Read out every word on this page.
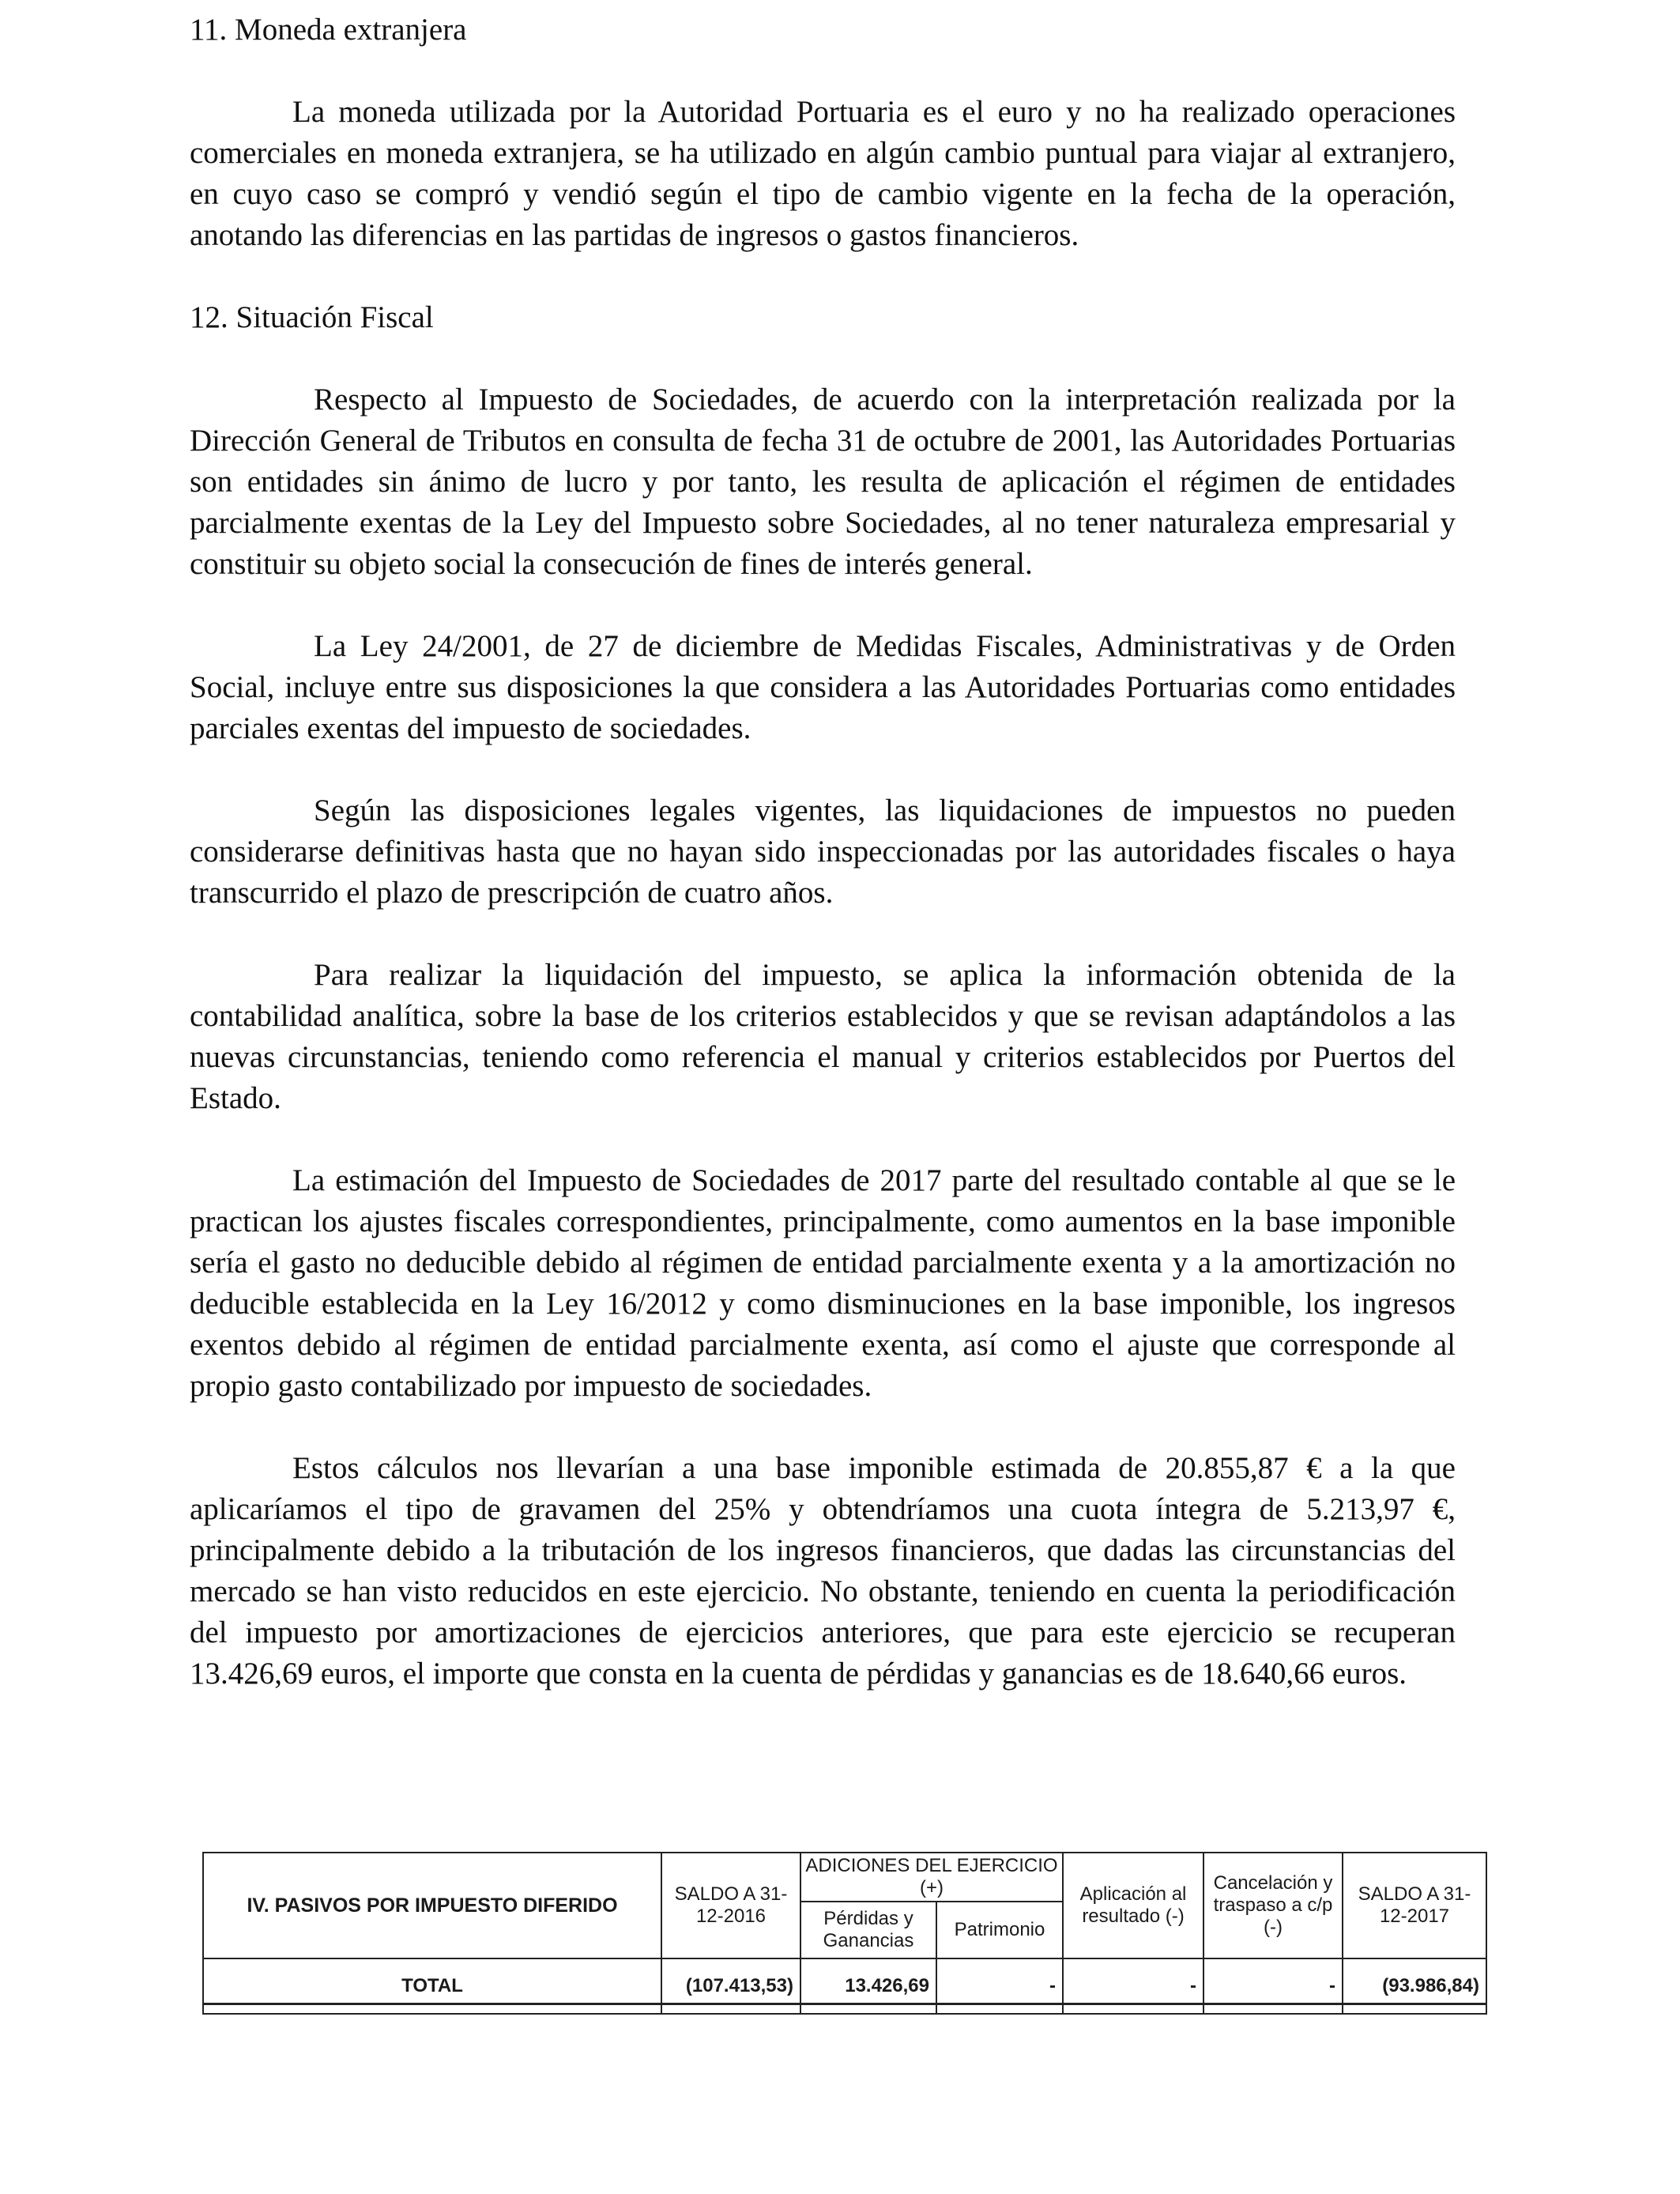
11. Moneda extranjera

La moneda utilizada por la Autoridad Portuaria es el euro y no ha realizado operaciones comerciales en moneda extranjera, se ha utilizado en algún cambio puntual para viajar al extranjero, en cuyo caso se compró y vendió según el tipo de cambio vigente en la fecha de la operación, anotando las diferencias en las partidas de ingresos o gastos financieros.

12. Situación Fiscal

Respecto al Impuesto de Sociedades, de acuerdo con la interpretación realizada por la Dirección General de Tributos en consulta de fecha 31 de octubre de 2001, las Autoridades Portuarias son entidades sin ánimo de lucro y por tanto, les resulta de aplicación el régimen de entidades parcialmente exentas de la Ley del Impuesto sobre Sociedades, al no tener naturaleza empresarial y constituir su objeto social la consecución de fines de interés general.

La Ley 24/2001, de 27 de diciembre de Medidas Fiscales, Administrativas y de Orden Social, incluye entre sus disposiciones la que considera a las Autoridades Portuarias como entidades parciales exentas del impuesto de sociedades.

Según las disposiciones legales vigentes, las liquidaciones de impuestos no pueden considerarse definitivas hasta que no hayan sido inspeccionadas por las autoridades fiscales o haya transcurrido el plazo de prescripción de cuatro años.

Para realizar la liquidación del impuesto, se aplica la información obtenida de la contabilidad analítica, sobre la base de los criterios establecidos y que se revisan adaptándolos a las nuevas circunstancias, teniendo como referencia el manual y criterios establecidos por Puertos del Estado.

La estimación del Impuesto de Sociedades de 2017 parte del resultado contable al que se le practican los ajustes fiscales correspondientes, principalmente, como aumentos en la base imponible sería el gasto no deducible debido al régimen de entidad parcialmente exenta y a la amortización no deducible establecida en la Ley 16/2012 y como disminuciones en la base imponible, los ingresos exentos debido al régimen de entidad parcialmente exenta, así como el ajuste que corresponde al propio gasto contabilizado por impuesto de sociedades.

Estos cálculos nos llevarían a una base imponible estimada de 20.855,87 € a la que aplicaríamos el tipo de gravamen del 25% y obtendríamos una cuota íntegra de 5.213,97 €, principalmente debido a la tributación de los ingresos financieros, que dadas las circunstancias del mercado se han visto reducidos en este ejercicio. No obstante, teniendo en cuenta la periodificación del impuesto por amortizaciones de ejercicios anteriores, que para este ejercicio se recuperan 13.426,69 euros, el importe que consta en la cuenta de pérdidas y ganancias es de 18.640,66 euros.

IV. PASIVOS POR IMPUESTO DIFERIDO	SALDO A 31-12-2016	ADICIONES DEL EJERCICIO (+)		Aplicación al resultado (-)	Cancelación y traspaso a c/p (-)	SALDO A 31-12-2017
		Pérdidas y Ganancias	Patrimonio			
TOTAL	(107.413,53)	13.426,69	-	-	-	(93.986,84)
